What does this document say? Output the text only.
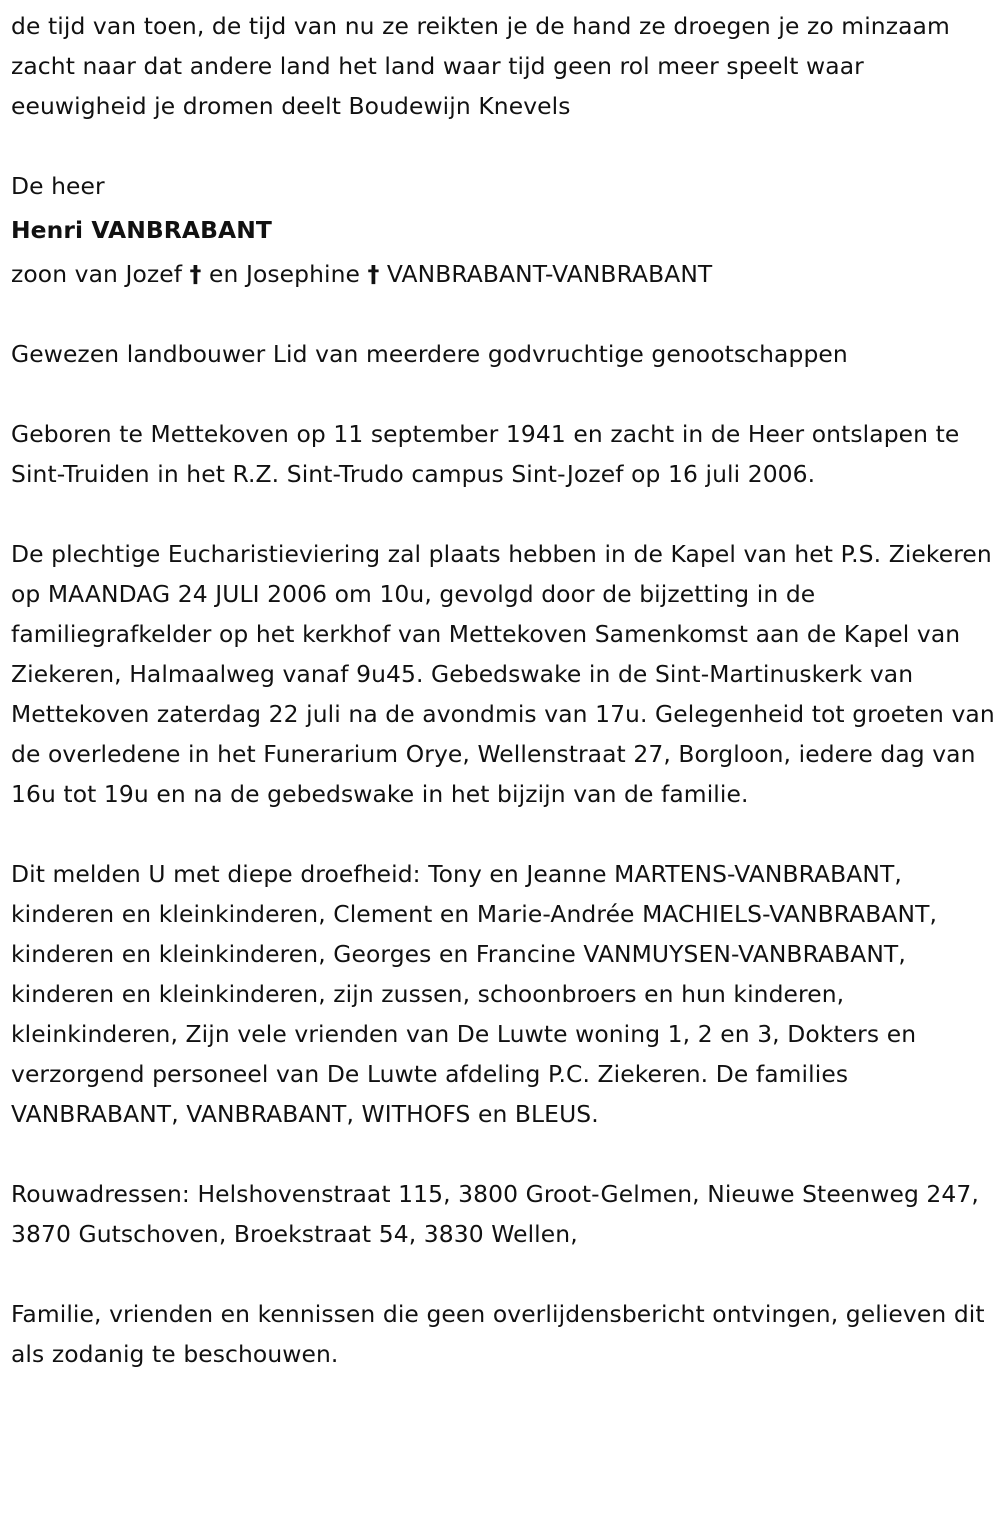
de tijd van toen, de tijd van nu ze reikten je de hand ze droegen je zo minzaam zacht naar dat andere land het land waar tijd geen rol meer speelt waar eeuwigheid je dromen deelt Boudewijn Knevels

De heer

Henri VANBRABANT

zoon van Jozef † en Josephine † VANBRABANT-VANBRABANT

Gewezen landbouwer Lid van meerdere godvruchtige genootschappen

Geboren te Mettekoven op 11 september 1941 en zacht in de Heer ontslapen te Sint-Truiden in het R.Z. Sint-Trudo campus Sint-Jozef op 16 juli 2006.

De plechtige Eucharistieviering zal plaats hebben in de Kapel van het P.S. Ziekeren op MAANDAG 24 JULI 2006 om 10u, gevolgd door de bijzetting in de familiegrafkelder op het kerkhof van Mettekoven Samenkomst aan de Kapel van Ziekeren, Halmaalweg vanaf 9u45. Gebedswake in de Sint-Martinuskerk van Mettekoven zaterdag 22 juli na de avondmis van 17u. Gelegenheid tot groeten van de overledene in het Funerarium Orye, Wellenstraat 27, Borgloon, iedere dag van 16u tot 19u en na de gebedswake in het bijzijn van de familie.

Dit melden U met diepe droefheid: Tony en Jeanne MARTENS-VANBRABANT, kinderen en kleinkinderen, Clement en Marie-Andrée MACHIELS-VANBRABANT, kinderen en kleinkinderen, Georges en Francine VANMUYSEN-VANBRABANT, kinderen en kleinkinderen, zijn zussen, schoonbroers en hun kinderen, kleinkinderen, Zijn vele vrienden van De Luwte woning 1, 2 en 3, Dokters en verzorgend personeel van De Luwte afdeling P.C. Ziekeren. De families VANBRABANT, VANBRABANT, WITHOFS en BLEUS.

Rouwadressen: Helshovenstraat 115, 3800 Groot-Gelmen, Nieuwe Steenweg 247, 3870 Gutschoven, Broekstraat 54, 3830 Wellen,

Familie, vrienden en kennissen die geen overlijdensbericht ontvingen, gelieven dit als zodanig te beschouwen.
